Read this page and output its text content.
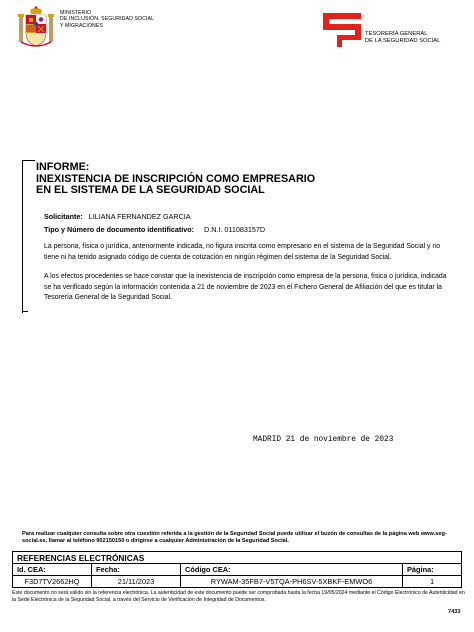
MINISTERIO
DE INCLUSIÓN, SEGURIDAD SOCIAL
Y MIGRACIONES
TESORERÍA GENERAL
DE LA SEGURIDAD SOCIAL
INFORME:
INEXISTENCIA DE INSCRIPCIÓN COMO EMPRESARIO
EN EL SISTEMA DE LA SEGURIDAD SOCIAL
Solicitante: LILIANA FERNANDEZ GARCIA
Tipo y Número de documento identificativo: D.N.I. 011083157D
La persona, física o jurídica, anteriormente indicada, no figura inscrita como empresario en el sistema de la Seguridad Social y no tiene ni ha tenido asignado código de cuenta de cotización en ningún régimen del sistema de la Seguridad Social.
A los efectos procedentes se hace constar que la inexistencia de inscripción como empresa de la persona, física o jurídica, indicada se ha verificado según la información contenida a 21 de noviembre de 2023 en el Fichero General de Afiliación del que es titular la Tesorería General de la Seguridad Social.
MADRID 21 de noviembre de 2023
Para realizar cualquier consulta sobre otra cuestión referida a la gestión de la Seguridad Social puede utilizar el buzón de consultas de la página web www.seg-social.es, llamar al teléfono 902150150 o dirigirse a cualquier Administración de la Seguridad Social.
REFERENCIAS ELECTRÓNICAS			
Id. CEA:	Fecha:	Código CEA:	Página:
F3D7TV2662HQ	21/11/2023	RYWAM-35FB7-V5TQA-PH6SV-5XBKF-EMWO6	1
Este documento no será válido sin la referencia electrónica. La autenticidad de este documento puede ser comprobada hasta la fecha 19/05/2024 mediante el Código Electrónico de Autenticidad en la Sede Electrónica de la Seguridad Social, a través del Servicio de Verificación de Integridad de Documentos.
7433
